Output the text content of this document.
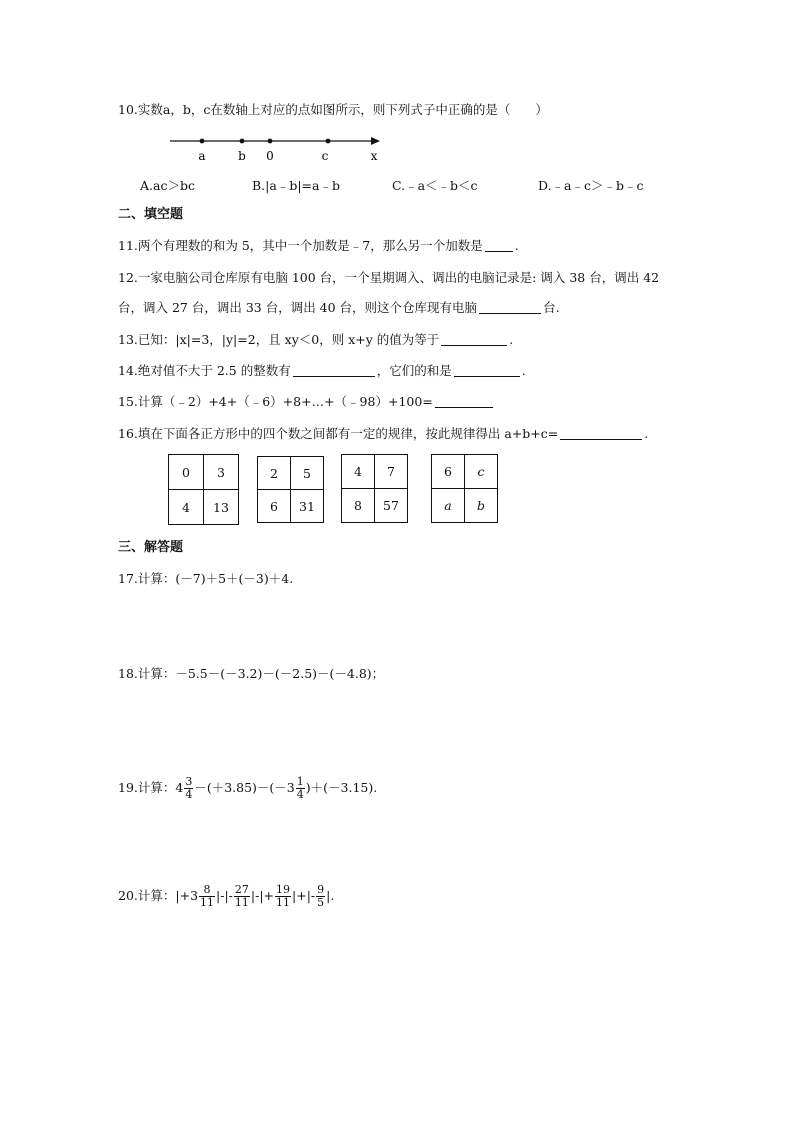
10.实数a，b，c在数轴上对应的点如图所示，则下列式子中正确的是（　　）
a	b 0	c	x
A.ac＞bc	B.|a﹣b|=a﹣b	C.﹣a＜﹣b＜c	D.﹣a﹣c＞﹣b﹣c
二、填空题
11.两个有理数的和为 5，其中一个加数是﹣7，那么另一个加数是	.
12.一家电脑公司仓库原有电脑 100 台，一个星期调入、调出的电脑记录是: 调入 38 台，调出 42
台，调入 27 台，调出 33 台，调出 40 台，则这个仓库现有电脑	台.
13.已知：|x|=3，|y|=2，且 xy＜0，则 x+y 的值为等于	.
14.绝对值不大于 2.5 的整数有	，它们的和是	.
15.计算（﹣2）+4+（﹣6）+8+…+（﹣98）+100=
16.填在下面各正方形中的四个数之间都有一定的规律，按此规律得出 a+b+c=	.
0	3
4	13
2	5
6	31
4	7
8	57
6	c
a	b
三、解答题
17.计算：(－7)＋5＋(－3)＋4.
18.计算：－5.5－(－3.2)－(－2.5)－(－4.8)；
19.计算：$4 \frac{3}{4} -(+3.85)-(-3 \frac{1}{4} )+(-3.15)$.
20.计算：$|+3 \frac{8}{11}$ |-|- $\frac{27}{11}$ |-|+ $\frac{19}{11}$ |+|- $\frac{9}{5}$ |.
